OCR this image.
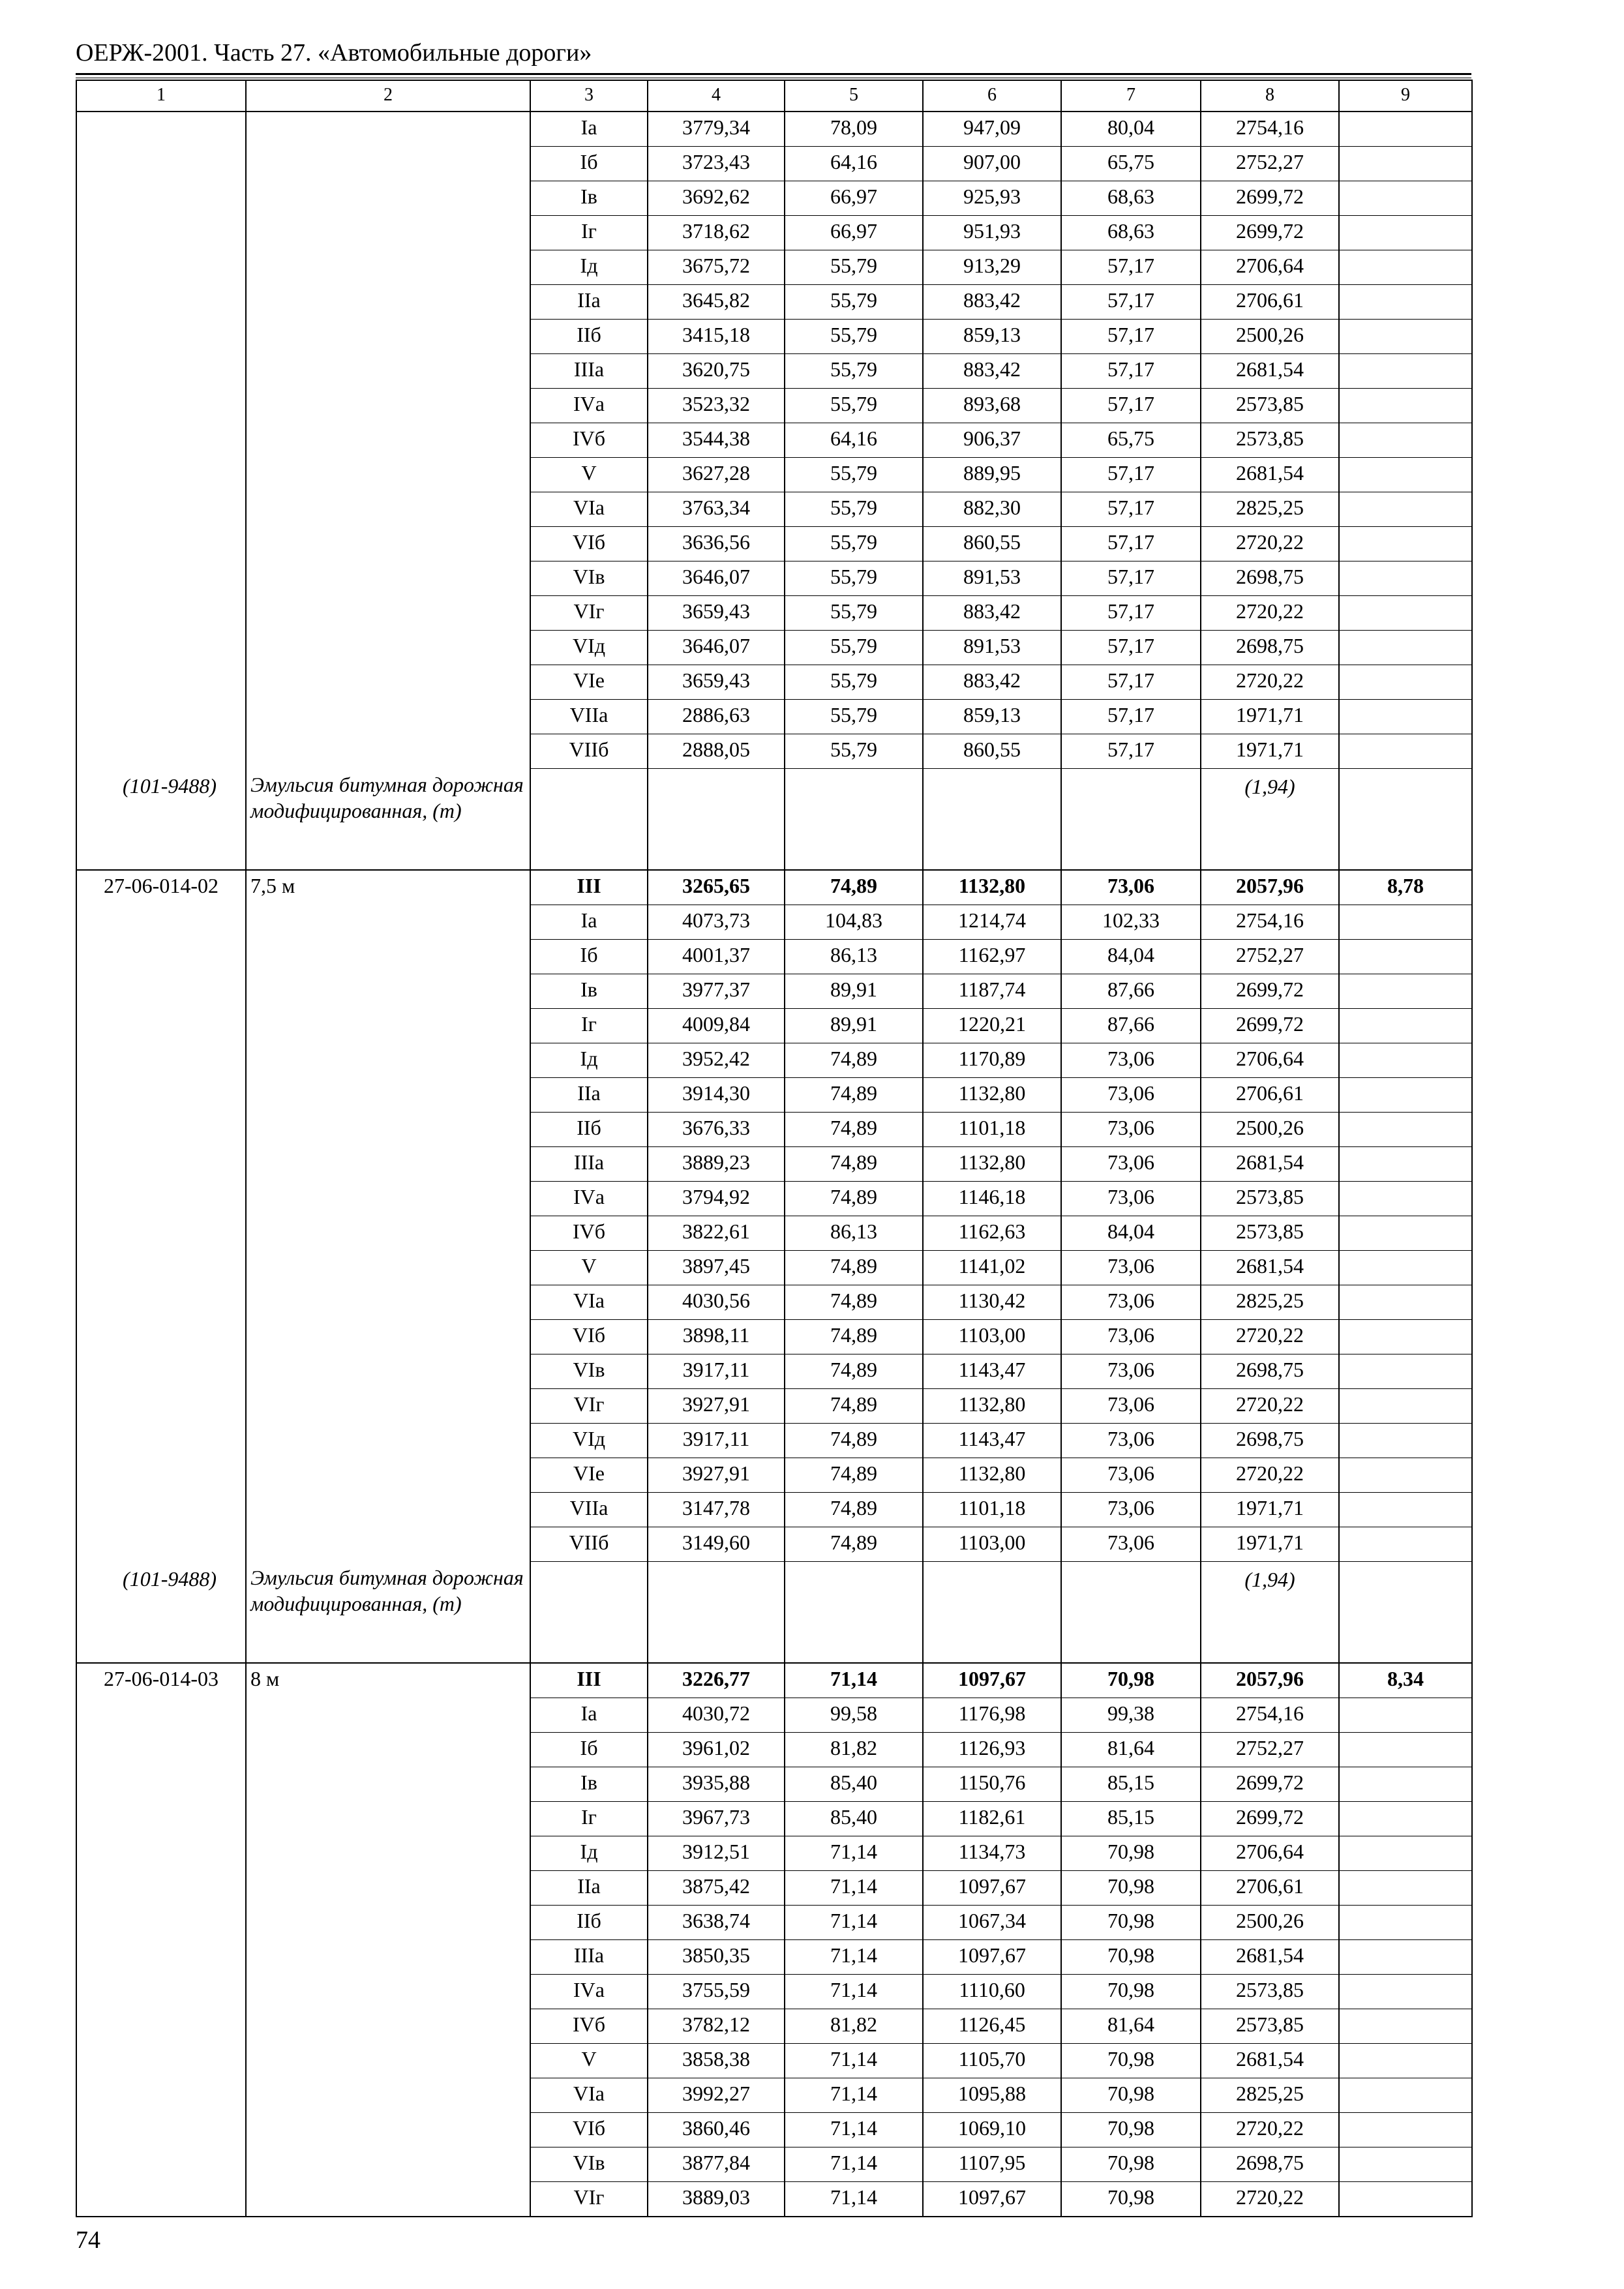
ОЕРЖ-2001. Часть 27. «Автомобильные дороги»
1	2	3	4	5	6	7	8	9
		Iа	3779,34	78,09	947,09	80,04	2754,16	
		Iб	3723,43	64,16	907,00	65,75	2752,27	
		Iв	3692,62	66,97	925,93	68,63	2699,72	
		Iг	3718,62	66,97	951,93	68,63	2699,72	
		Iд	3675,72	55,79	913,29	57,17	2706,64	
		IIа	3645,82	55,79	883,42	57,17	2706,61	
		IIб	3415,18	55,79	859,13	57,17	2500,26	
		IIIа	3620,75	55,79	883,42	57,17	2681,54	
		IVа	3523,32	55,79	893,68	57,17	2573,85	
		IVб	3544,38	64,16	906,37	65,75	2573,85	
		V	3627,28	55,79	889,95	57,17	2681,54	
		VIа	3763,34	55,79	882,30	57,17	2825,25	
		VIб	3636,56	55,79	860,55	57,17	2720,22	
		VIв	3646,07	55,79	891,53	57,17	2698,75	
		VIг	3659,43	55,79	883,42	57,17	2720,22	
		VIд	3646,07	55,79	891,53	57,17	2698,75	
		VIе	3659,43	55,79	883,42	57,17	2720,22	
		VIIа	2886,63	55,79	859,13	57,17	1971,71	
		VIIб	2888,05	55,79	860,55	57,17	1971,71	
(101-9488)	Эмульсия битумная дорожная модифицированная, (т)						(1,94)	
27-06-014-02	7,5 м	III	3265,65	74,89	1132,80	73,06	2057,96	8,78
		Iа	4073,73	104,83	1214,74	102,33	2754,16	
		Iб	4001,37	86,13	1162,97	84,04	2752,27	
		Iв	3977,37	89,91	1187,74	87,66	2699,72	
		Iг	4009,84	89,91	1220,21	87,66	2699,72	
		Iд	3952,42	74,89	1170,89	73,06	2706,64	
		IIа	3914,30	74,89	1132,80	73,06	2706,61	
		IIб	3676,33	74,89	1101,18	73,06	2500,26	
		IIIа	3889,23	74,89	1132,80	73,06	2681,54	
		IVа	3794,92	74,89	1146,18	73,06	2573,85	
		IVб	3822,61	86,13	1162,63	84,04	2573,85	
		V	3897,45	74,89	1141,02	73,06	2681,54	
		VIа	4030,56	74,89	1130,42	73,06	2825,25	
		VIб	3898,11	74,89	1103,00	73,06	2720,22	
		VIв	3917,11	74,89	1143,47	73,06	2698,75	
		VIг	3927,91	74,89	1132,80	73,06	2720,22	
		VIд	3917,11	74,89	1143,47	73,06	2698,75	
		VIе	3927,91	74,89	1132,80	73,06	2720,22	
		VIIа	3147,78	74,89	1101,18	73,06	1971,71	
		VIIб	3149,60	74,89	1103,00	73,06	1971,71	
(101-9488)	Эмульсия битумная дорожная модифицированная, (т)						(1,94)	
27-06-014-03	8 м	III	3226,77	71,14	1097,67	70,98	2057,96	8,34
		Iа	4030,72	99,58	1176,98	99,38	2754,16	
		Iб	3961,02	81,82	1126,93	81,64	2752,27	
		Iв	3935,88	85,40	1150,76	85,15	2699,72	
		Iг	3967,73	85,40	1182,61	85,15	2699,72	
		Iд	3912,51	71,14	1134,73	70,98	2706,64	
		IIа	3875,42	71,14	1097,67	70,98	2706,61	
		IIб	3638,74	71,14	1067,34	70,98	2500,26	
		IIIа	3850,35	71,14	1097,67	70,98	2681,54	
		IVа	3755,59	71,14	1110,60	70,98	2573,85	
		IVб	3782,12	81,82	1126,45	81,64	2573,85	
		V	3858,38	71,14	1105,70	70,98	2681,54	
		VIа	3992,27	71,14	1095,88	70,98	2825,25	
		VIб	3860,46	71,14	1069,10	70,98	2720,22	
		VIв	3877,84	71,14	1107,95	70,98	2698,75	
		VIг	3889,03	71,14	1097,67	70,98	2720,22	
74
